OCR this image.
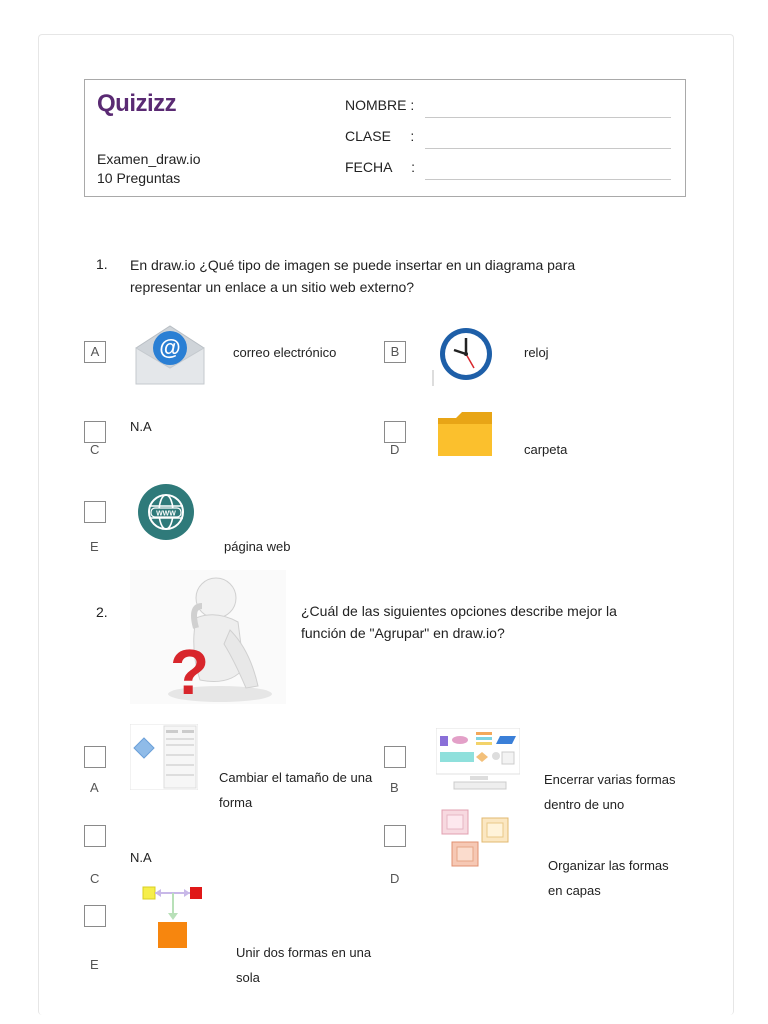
Quizizz
Examen_draw.io
10 Preguntas
NOMBRE :
CLASE     :
FECHA     :
1. En draw.io ¿Qué tipo de imagen se puede insertar en un diagrama para
representar un enlace a un sitio web externo?
A	@	correo electrónico	B	reloj
C
N.A
D	carpeta
E
WWW
página web
2.
?
¿Cuál de las siguientes opciones describe mejor la
función de "Agrupar" en draw.io?
A
Cambiar el tamaño de una
forma
B
Encerrar varias formas
dentro de uno
C
N.A
D
Organizar las formas
en capas
E
Unir dos formas en una
sola
